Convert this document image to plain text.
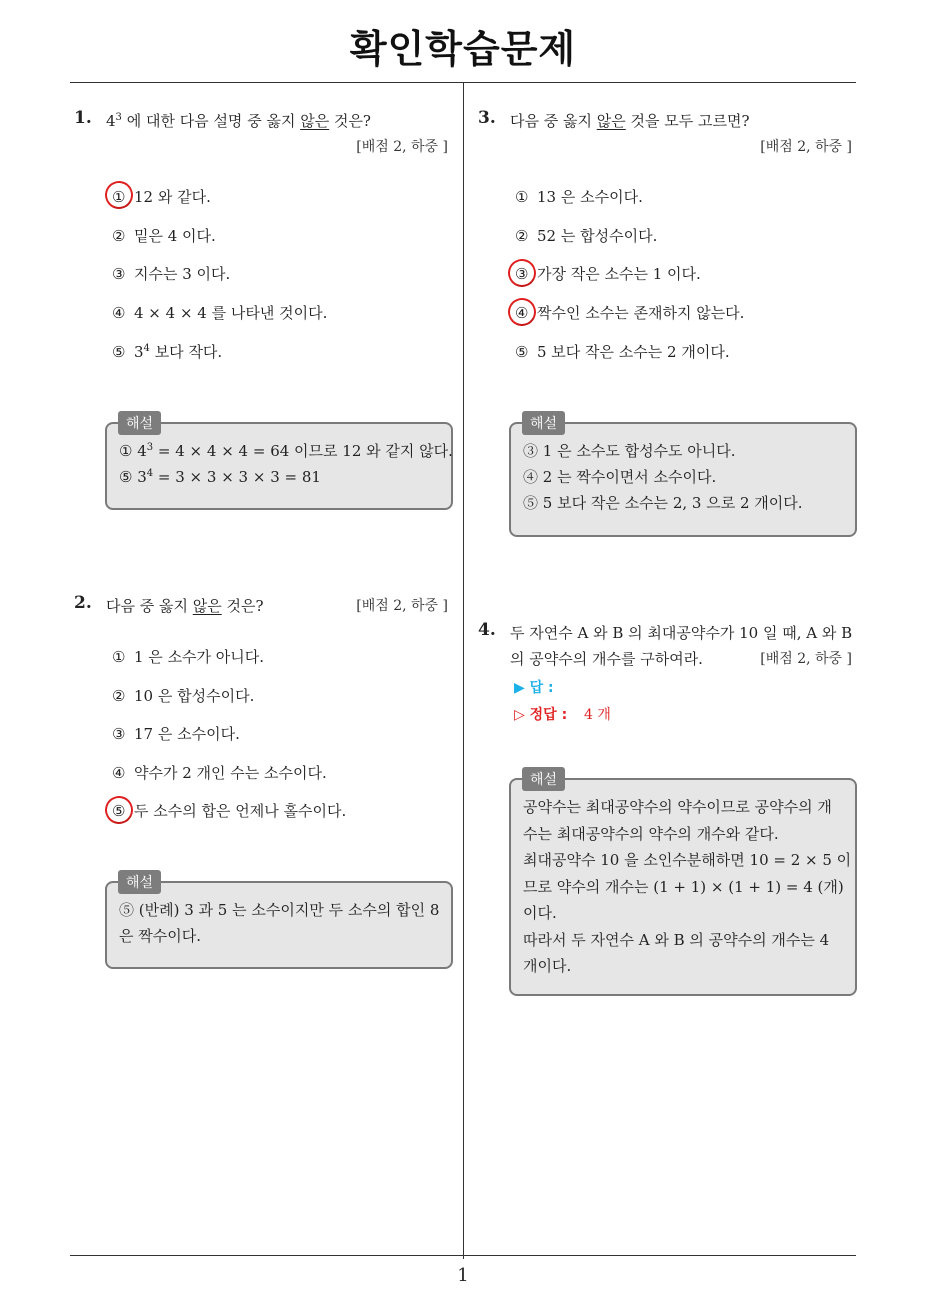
확인학습문제
1
1. $4^3$ 에 대한 다음 설명 중 옳지 않은 것은?
[배점 2, 하중 ]
① 12 와 같다.
② 밑은 4 이다.
③ 지수는 3 이다.
④ 4 × 4 × 4 를 나타낸 것이다.
⑤ $3^4$ 보다 작다.
① $4^3 = 4 \times 4 \times 4 = 64$ 이므로 12 와 같지 않다.
⑤ $3^4 = 3 \times 3 \times 3 \times 3 = 81$
해설
2. 다음 중 옳지 않은 것은?	[배점 2, 하중 ]
① 1 은 소수가 아니다.
② 10 은 합성수이다.
③ 17 은 소수이다.
④ 약수가 2 개인 수는 소수이다.
⑤ 두 소수의 합은 언제나 홀수이다.
⑤ (반례) 3 과 5 는 소수이지만 두 소수의 합인 8
은 짝수이다.
해설
3. 다음 중 옳지 않은 것을 모두 고르면?
[배점 2, 하중 ]
① 13 은 소수이다.
② 52 는 합성수이다.
③ 가장 작은 소수는 1 이다.
④ 짝수인 소수는 존재하지 않는다.
⑤ 5 보다 작은 소수는 2 개이다.
③ 1 은 소수도 합성수도 아니다.
④ 2 는 짝수이면서 소수이다.
⑤ 5 보다 작은 소수는 2, 3 으로 2 개이다.
해설
4. 두 자연수 A 와 B 의 최대공약수가 10 일 때, A 와 B
의 공약수의 개수를 구하여라.	[배점 2, 하중 ]
▶ 답 :
▷ 정답 : 4 개
공약수는 최대공약수의 약수이므로 공약수의 개
수는 최대공약수의 약수의 개수와 같다.
최대공약수 10 을 소인수분해하면 10 = 2 × 5 이
므로 약수의 개수는 (1 + 1) × (1 + 1) = 4 (개)
이다.
따라서 두 자연수 A 와 B 의 공약수의 개수는 4
개이다.
해설
